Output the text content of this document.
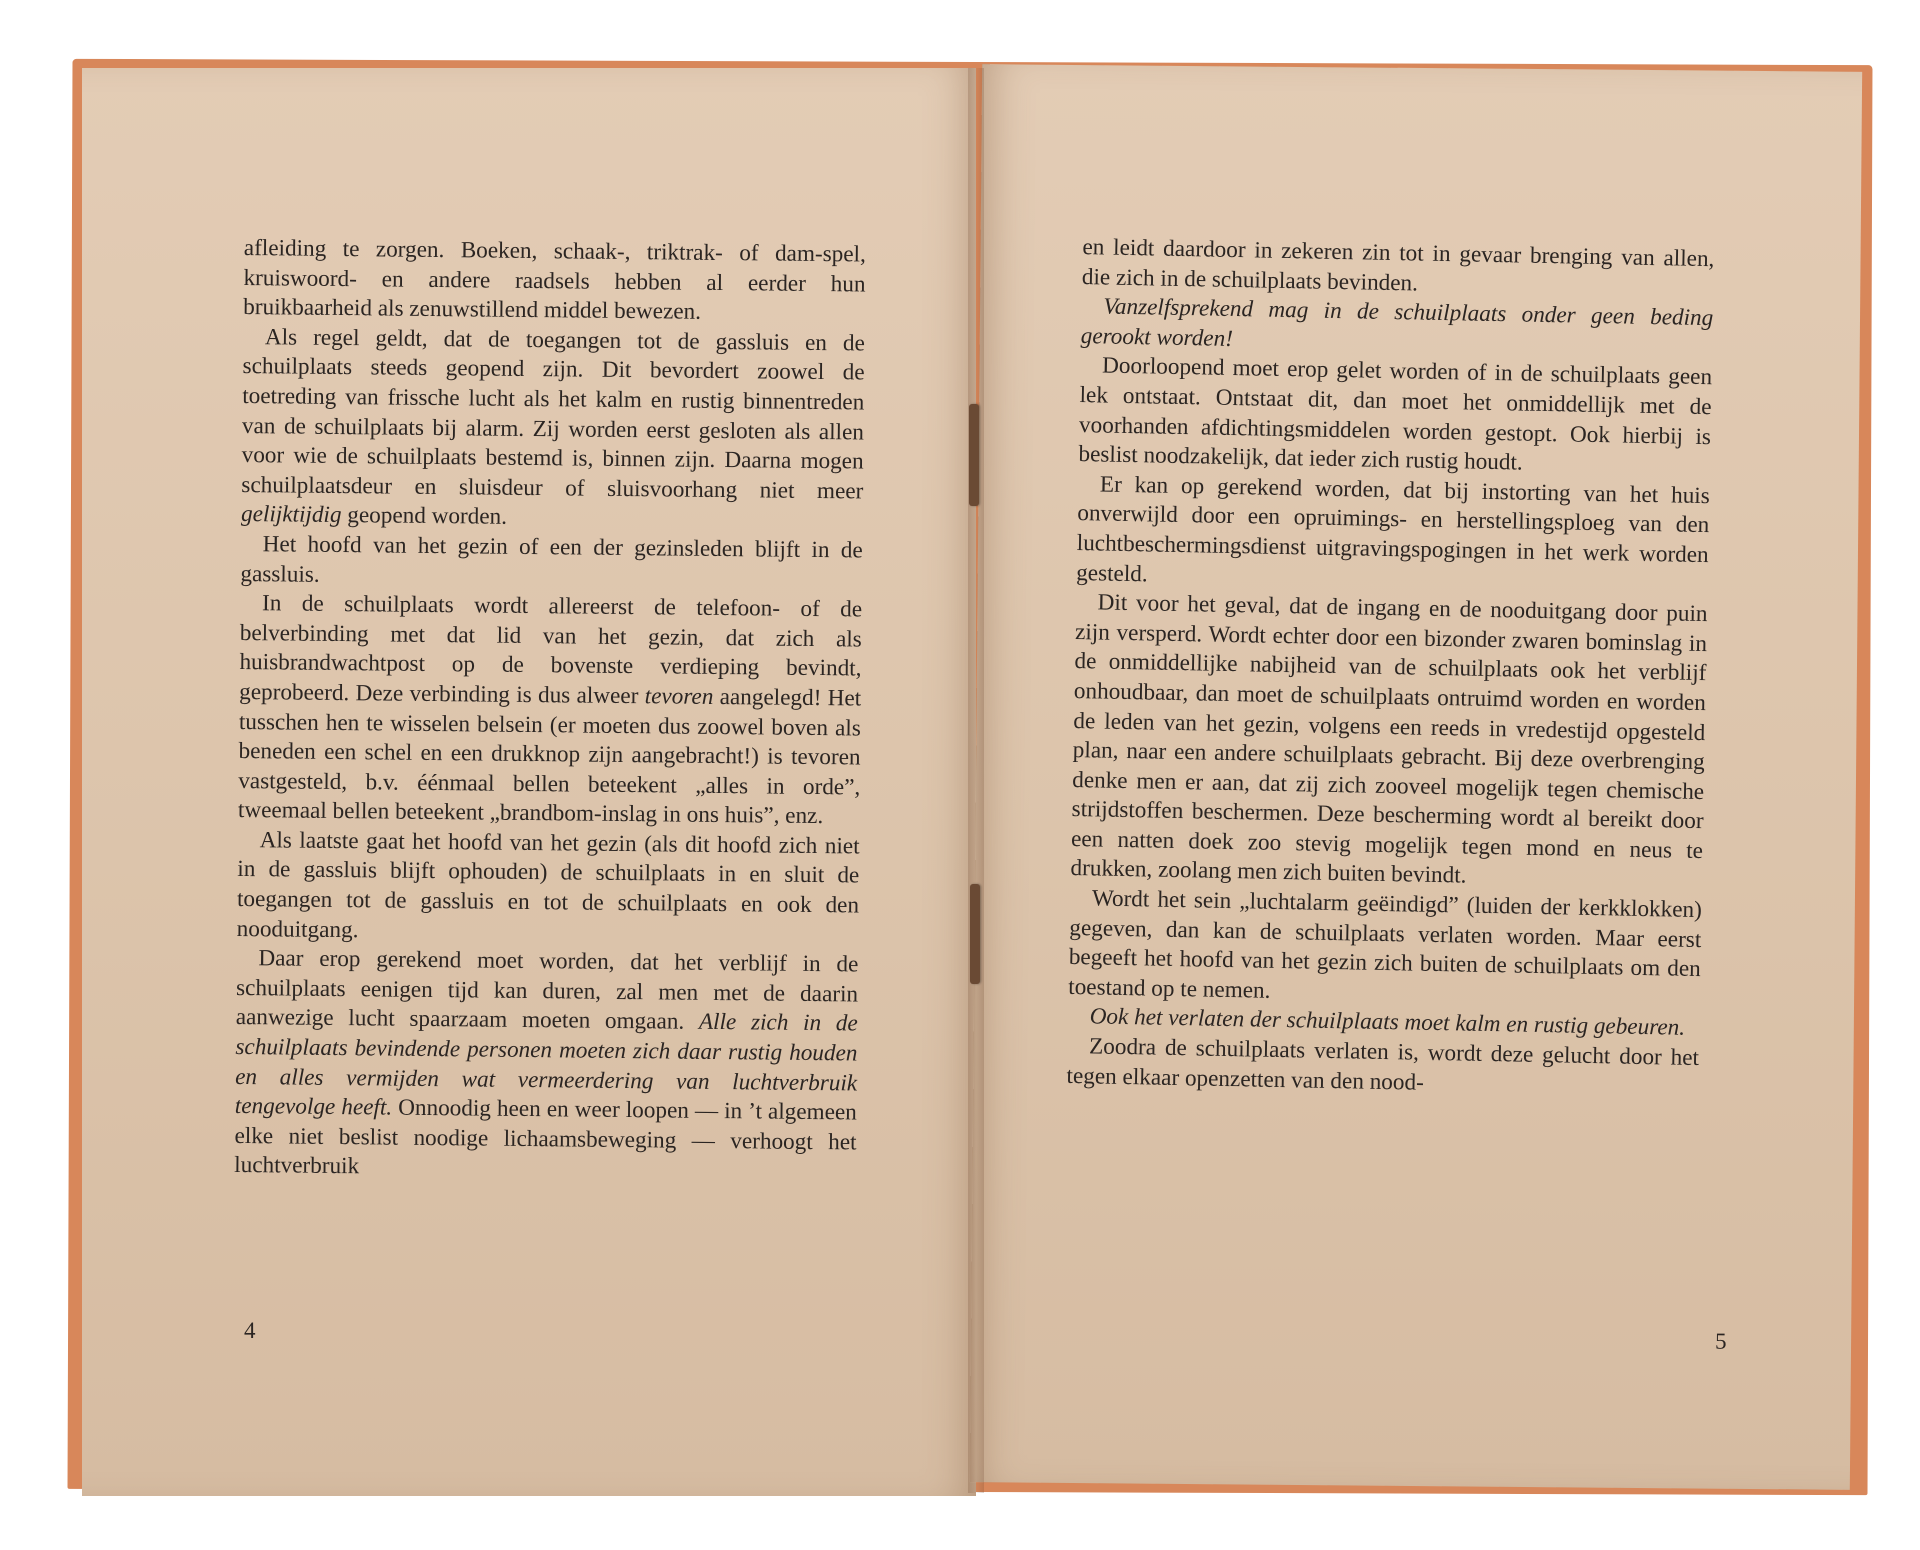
afleiding te zorgen. Boeken, schaak-, triktrak- of dam-spel, kruiswoord- en andere raadsels hebben al eerder hun bruikbaarheid als zenuwstillend middel bewezen.

Als regel geldt, dat de toegangen tot de gassluis en de schuilplaats steeds geopend zijn. Dit bevordert zoowel de toetreding van frissche lucht als het kalm en rustig binnentreden van de schuilplaats bij alarm. Zij worden eerst gesloten als allen voor wie de schuilplaats bestemd is, binnen zijn. Daarna mogen schuilplaatsdeur en sluisdeur of sluisvoorhang niet meer gelijktijdig geopend worden.

Het hoofd van het gezin of een der gezinsleden blijft in de gassluis.

In de schuilplaats wordt allereerst de telefoon- of de belverbinding met dat lid van het gezin, dat zich als huisbrandwachtpost op de bovenste verdieping bevindt, geprobeerd. Deze verbinding is dus alweer tevoren aangelegd! Het tusschen hen te wisselen belsein (er moeten dus zoowel boven als beneden een schel en een drukknop zijn aangebracht!) is tevoren vastgesteld, b.v. éénmaal bellen beteekent „alles in orde”, tweemaal bellen beteekent „brandbom-inslag in ons huis”, enz.

Als laatste gaat het hoofd van het gezin (als dit hoofd zich niet in de gassluis blijft ophouden) de schuilplaats in en sluit de toegangen tot de gassluis en tot de schuilplaats en ook den nooduitgang.

Daar erop gerekend moet worden, dat het verblijf in de schuilplaats eenigen tijd kan duren, zal men met de daarin aanwezige lucht spaarzaam moeten omgaan. Alle zich in de schuilplaats bevindende personen moeten zich daar rustig houden en alles vermijden wat vermeerdering van luchtverbruik tengevolge heeft. Onnoodig heen en weer loopen — in ’t algemeen elke niet beslist noodige lichaamsbeweging — verhoogt het luchtverbruik

4

en leidt daardoor in zekeren zin tot in gevaar brenging van allen, die zich in de schuilplaats bevinden.

Vanzelfsprekend mag in de schuilplaats onder geen beding gerookt worden!

Doorloopend moet erop gelet worden of in de schuilplaats geen lek ontstaat. Ontstaat dit, dan moet het onmiddellijk met de voorhanden afdichtingsmiddelen worden gestopt. Ook hierbij is beslist noodzakelijk, dat ieder zich rustig houdt.

Er kan op gerekend worden, dat bij instorting van het huis onverwijld door een opruimings- en herstellingsploeg van den luchtbeschermingsdienst uitgravingspogingen in het werk worden gesteld.

Dit voor het geval, dat de ingang en de nooduitgang door puin zijn versperd. Wordt echter door een bizonder zwaren bominslag in de onmiddellijke nabijheid van de schuilplaats ook het verblijf onhoudbaar, dan moet de schuilplaats ontruimd worden en worden de leden van het gezin, volgens een reeds in vredestijd opgesteld plan, naar een andere schuilplaats gebracht. Bij deze overbrenging denke men er aan, dat zij zich zooveel mogelijk tegen chemische strijdstoffen beschermen. Deze bescherming wordt al bereikt door een natten doek zoo stevig mogelijk tegen mond en neus te drukken, zoolang men zich buiten bevindt.

Wordt het sein „luchtalarm geëindigd” (luiden der kerkklokken) gegeven, dan kan de schuilplaats verlaten worden. Maar eerst begeeft het hoofd van het gezin zich buiten de schuilplaats om den toestand op te nemen.

Ook het verlaten der schuilplaats moet kalm en rustig gebeuren.

Zoodra de schuilplaats verlaten is, wordt deze gelucht door het tegen elkaar openzetten van den nood-

5
